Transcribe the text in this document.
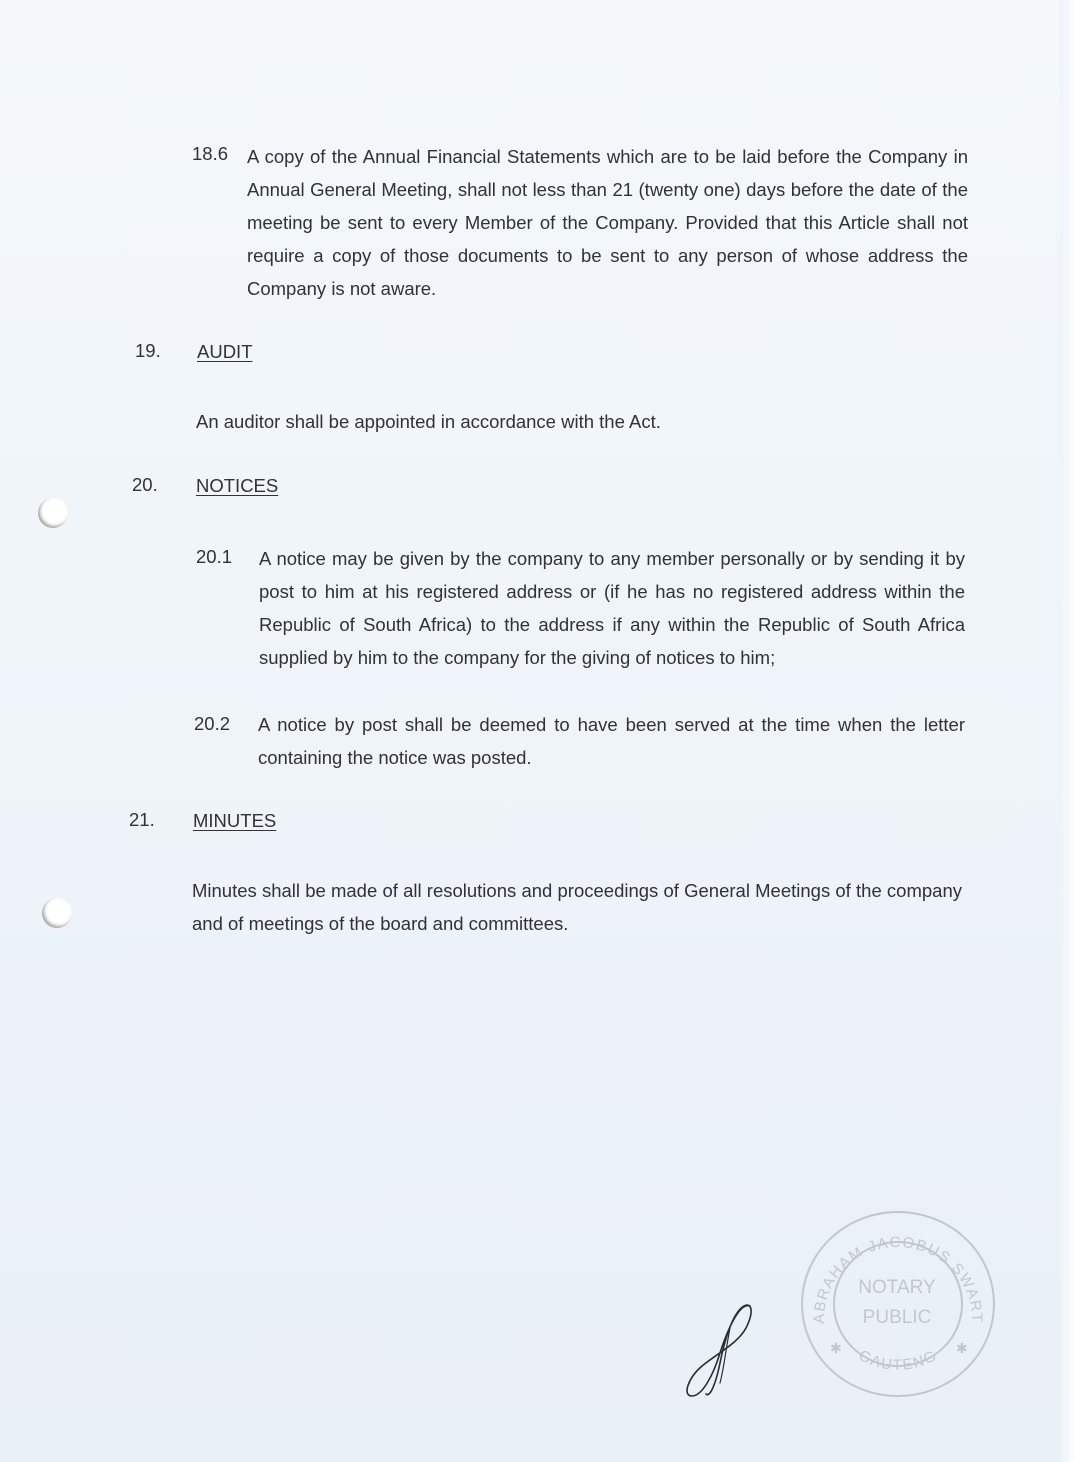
18.6 A copy of the Annual Financial Statements which are to be laid before the Company in Annual General Meeting, shall not less than 21 (twenty one) days before the date of the meeting be sent to every Member of the Company. Provided that this Article shall not require a copy of those documents to be sent to any person of whose address the Company is not aware.

19. AUDIT

An auditor shall be appointed in accordance with the Act.

20. NOTICES
20.1 A notice may be given by the company to any member personally or by sending it by post to him at his registered address or (if he has no registered address within the Republic of South Africa) to the address if any within the Republic of South Africa supplied by him to the company for the giving of notices to him;

20.2 A notice by post shall be deemed to have been served at the time when the letter containing the notice was posted.

21. MINUTES

Minutes shall be made of all resolutions and proceedings of General Meetings of the company and of meetings of the board and committees.

ABRAHAM JACOBUS SWART
GAUTENG
✱	✱
NOTARY
PUBLIC
